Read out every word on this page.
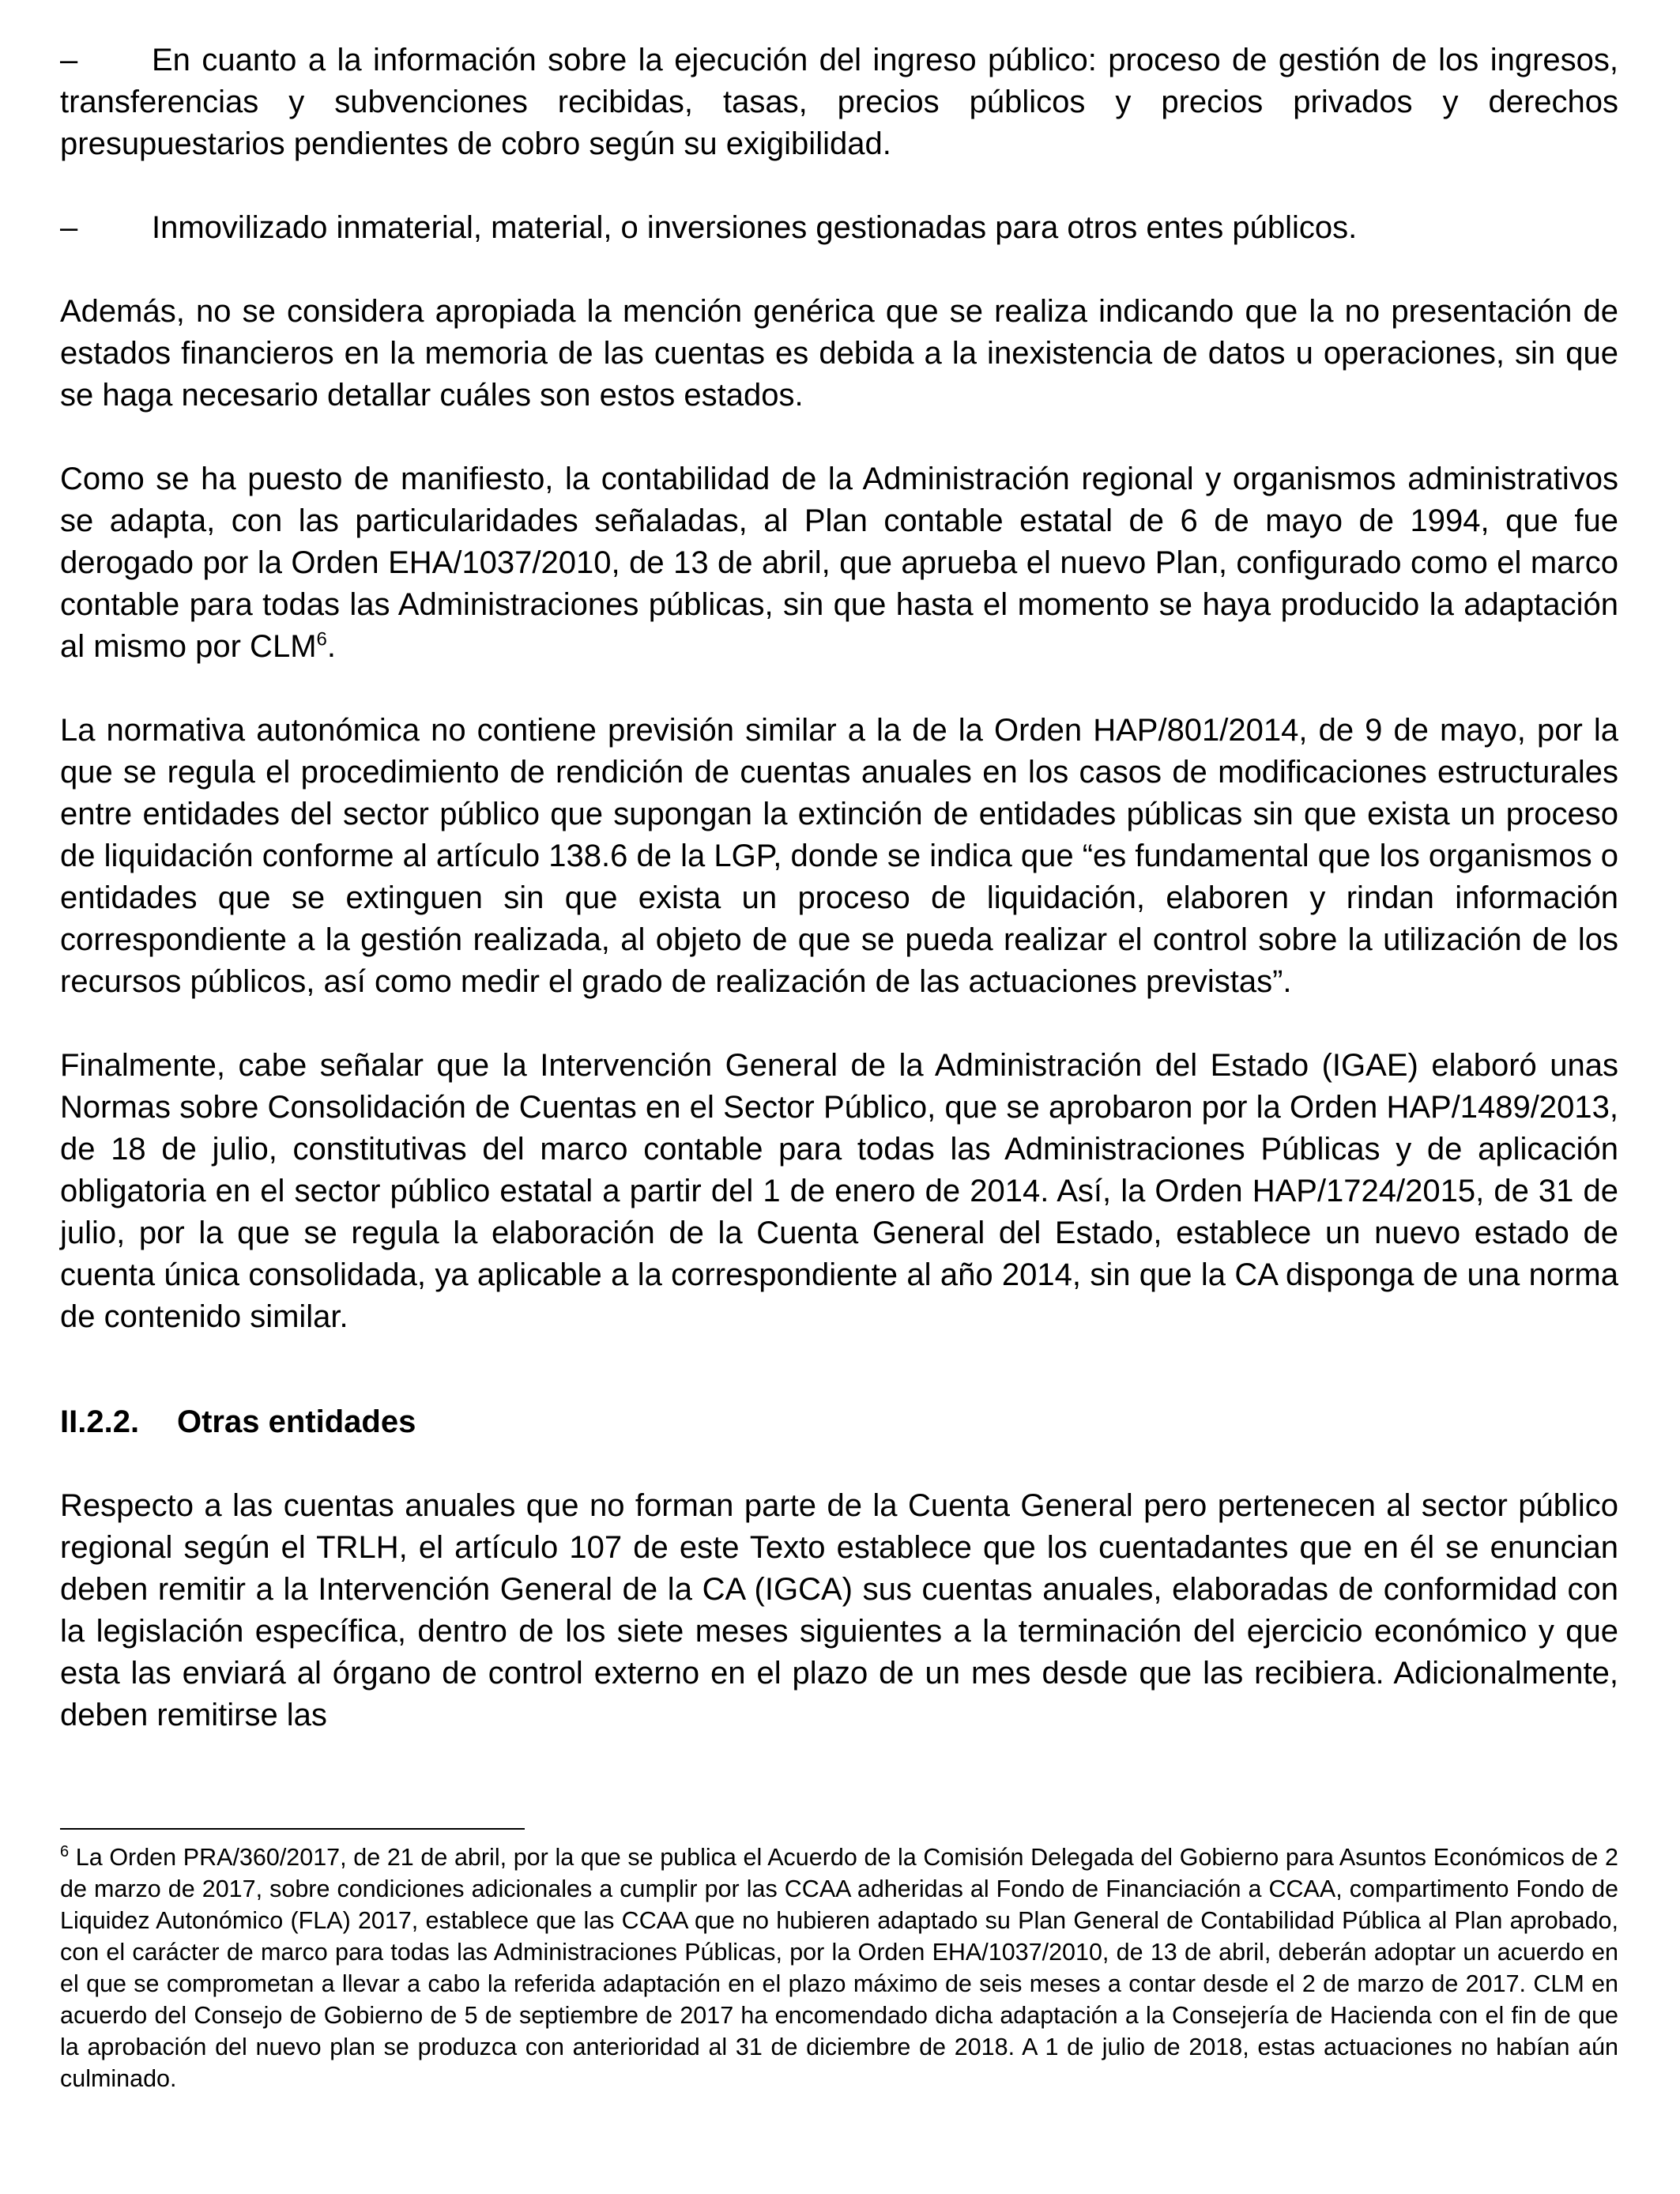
– En cuanto a la información sobre la ejecución del ingreso público: proceso de gestión de los ingresos, transferencias y subvenciones recibidas, tasas, precios públicos y precios privados y derechos presupuestarios pendientes de cobro según su exigibilidad.

– Inmovilizado inmaterial, material, o inversiones gestionadas para otros entes públicos.

Además, no se considera apropiada la mención genérica que se realiza indicando que la no presentación de estados financieros en la memoria de las cuentas es debida a la inexistencia de datos u operaciones, sin que se haga necesario detallar cuáles son estos estados.

Como se ha puesto de manifiesto, la contabilidad de la Administración regional y organismos administrativos se adapta, con las particularidades señaladas, al Plan contable estatal de 6 de mayo de 1994, que fue derogado por la Orden EHA/1037/2010, de 13 de abril, que aprueba el nuevo Plan, configurado como el marco contable para todas las Administraciones públicas, sin que hasta el momento se haya producido la adaptación al mismo por CLM$^6$.

La normativa autonómica no contiene previsión similar a la de la Orden HAP/801/2014, de 9 de mayo, por la que se regula el procedimiento de rendición de cuentas anuales en los casos de modificaciones estructurales entre entidades del sector público que supongan la extinción de entidades públicas sin que exista un proceso de liquidación conforme al artículo 138.6 de la LGP, donde se indica que “es fundamental que los organismos o entidades que se extinguen sin que exista un proceso de liquidación, elaboren y rindan información correspondiente a la gestión realizada, al objeto de que se pueda realizar el control sobre la utilización de los recursos públicos, así como medir el grado de realización de las actuaciones previstas”.

Finalmente, cabe señalar que la Intervención General de la Administración del Estado (IGAE) elaboró unas Normas sobre Consolidación de Cuentas en el Sector Público, que se aprobaron por la Orden HAP/1489/2013, de 18 de julio, constitutivas del marco contable para todas las Administraciones Públicas y de aplicación obligatoria en el sector público estatal a partir del 1 de enero de 2014. Así, la Orden HAP/1724/2015, de 31 de julio, por la que se regula la elaboración de la Cuenta General del Estado, establece un nuevo estado de cuenta única consolidada, ya aplicable a la correspondiente al año 2014, sin que la CA disponga de una norma de contenido similar.

II.2.2. Otras entidades

Respecto a las cuentas anuales que no forman parte de la Cuenta General pero pertenecen al sector público regional según el TRLH, el artículo 107 de este Texto establece que los cuentadantes que en él se enuncian deben remitir a la Intervención General de la CA (IGCA) sus cuentas anuales, elaboradas de conformidad con la legislación específica, dentro de los siete meses siguientes a la terminación del ejercicio económico y que esta las enviará al órgano de control externo en el plazo de un mes desde que las recibiera. Adicionalmente, deben remitirse las

$^6$ La Orden PRA/360/2017, de 21 de abril, por la que se publica el Acuerdo de la Comisión Delegada del Gobierno para Asuntos Económicos de 2 de marzo de 2017, sobre condiciones adicionales a cumplir por las CCAA adheridas al Fondo de Financiación a CCAA, compartimento Fondo de Liquidez Autonómico (FLA) 2017, establece que las CCAA que no hubieren adaptado su Plan General de Contabilidad Pública al Plan aprobado, con el carácter de marco para todas las Administraciones Públicas, por la Orden EHA/1037/2010, de 13 de abril, deberán adoptar un acuerdo en el que se comprometan a llevar a cabo la referida adaptación en el plazo máximo de seis meses a contar desde el 2 de marzo de 2017. CLM en acuerdo del Consejo de Gobierno de 5 de septiembre de 2017 ha encomendado dicha adaptación a la Consejería de Hacienda con el fin de que la aprobación del nuevo plan se produzca con anterioridad al 31 de diciembre de 2018. A 1 de julio de 2018, estas actuaciones no habían aún culminado.
